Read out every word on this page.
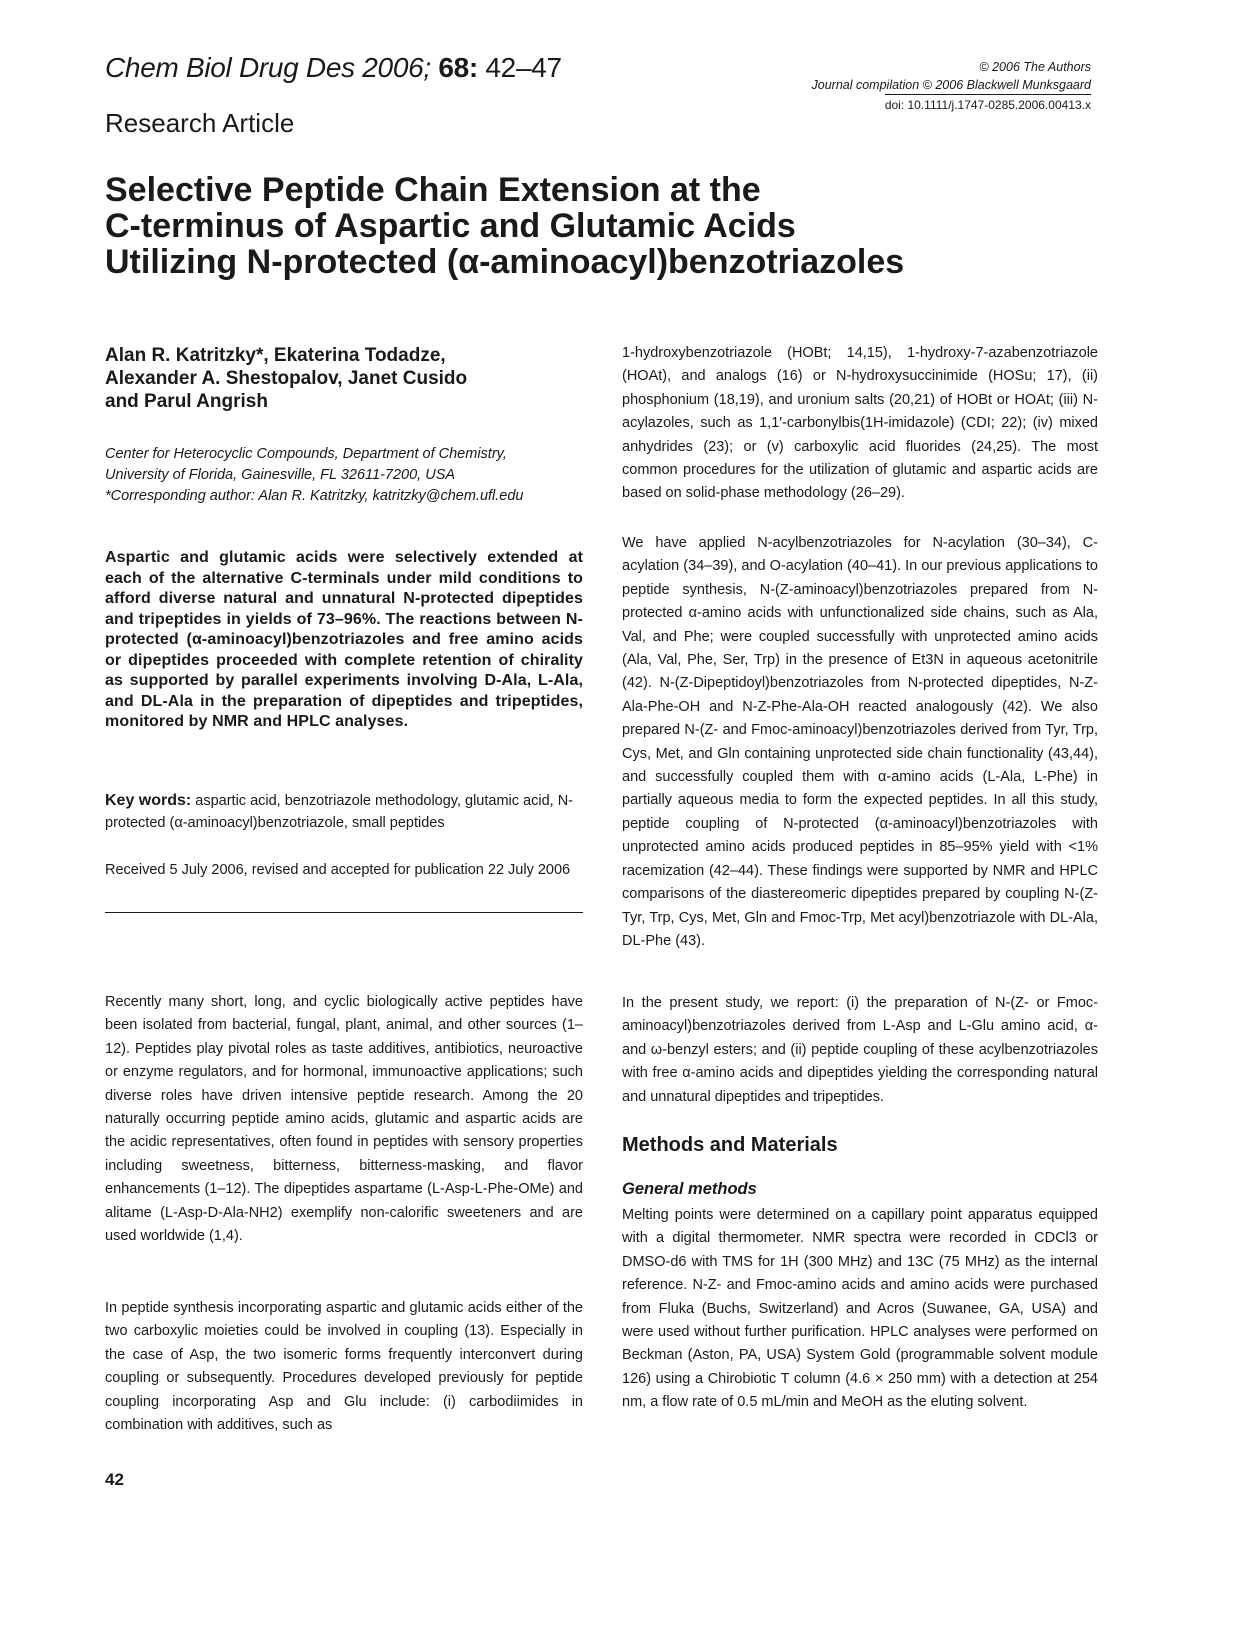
Chem Biol Drug Des 2006; 68: 42–47
Research Article
© 2006 The Authors
Journal compilation © 2006 Blackwell Munksgaard
doi: 10.1111/j.1747-0285.2006.00413.x

Selective Peptide Chain Extension at the

C-terminus of Aspartic and Glutamic Acids

Utilizing N-protected (α-aminoacyl)benzotriazoles

Alan R. Katritzky*, Ekaterina Todadze,
Alexander A. Shestopalov, Janet Cusido
and Parul Angrish
Center for Heterocyclic Compounds, Department of Chemistry,
University of Florida, Gainesville, FL 32611-7200, USA
*Corresponding author: Alan R. Katritzky, katritzky@chem.ufl.edu
Aspartic and glutamic acids were selectively extended at each of the alternative C-terminals under mild conditions to afford diverse natural and unnatural N-protected dipeptides and tripeptides in yields of 73–96%. The reactions between N-protected (α-aminoacyl)benzotriazoles and free amino acids or dipeptides proceeded with complete retention of chirality as supported by parallel experiments involving D-Ala, L-Ala, and DL-Ala in the preparation of dipeptides and tripeptides, monitored by NMR and HPLC analyses.
Key words: aspartic acid, benzotriazole methodology, glutamic acid, N-protected (α-aminoacyl)benzotriazole, small peptides
Received 5 July 2006, revised and accepted for publication 22 July 2006
Recently many short, long, and cyclic biologically active peptides have been isolated from bacterial, fungal, plant, animal, and other sources (1–12). Peptides play pivotal roles as taste additives, antibiotics, neuroactive or enzyme regulators, and for hormonal, immunoactive applications; such diverse roles have driven intensive peptide research. Among the 20 naturally occurring peptide amino acids, glutamic and aspartic acids are the acidic representatives, often found in peptides with sensory properties including sweetness, bitterness, bitterness-masking, and flavor enhancements (1–12). The dipeptides aspartame (L-Asp-L-Phe-OMe) and alitame (L-Asp-D-Ala-NH2) exemplify non-calorific sweeteners and are used worldwide (1,4).
In peptide synthesis incorporating aspartic and glutamic acids either of the two carboxylic moieties could be involved in coupling (13). Especially in the case of Asp, the two isomeric forms frequently interconvert during coupling or subsequently. Procedures developed previously for peptide coupling incorporating Asp and Glu include: (i) carbodiimides in combination with additives, such as
1-hydroxybenzotriazole (HOBt; 14,15), 1-hydroxy-7-azabenzotriazole (HOAt), and analogs (16) or N-hydroxysuccinimide (HOSu; 17), (ii) phosphonium (18,19), and uronium salts (20,21) of HOBt or HOAt; (iii) N-acylazoles, such as 1,1′-carbonylbis(1H-imidazole) (CDI; 22); (iv) mixed anhydrides (23); or (v) carboxylic acid fluorides (24,25). The most common procedures for the utilization of glutamic and aspartic acids are based on solid-phase methodology (26–29).
We have applied N-acylbenzotriazoles for N-acylation (30–34), C-acylation (34–39), and O-acylation (40–41). In our previous applications to peptide synthesis, N-(Z-aminoacyl)benzotriazoles prepared from N-protected α-amino acids with unfunctionalized side chains, such as Ala, Val, and Phe; were coupled successfully with unprotected amino acids (Ala, Val, Phe, Ser, Trp) in the presence of Et3N in aqueous acetonitrile (42). N-(Z-Dipeptidoyl)benzotriazoles from N-protected dipeptides, N-Z-Ala-Phe-OH and N-Z-Phe-Ala-OH reacted analogously (42). We also prepared N-(Z- and Fmoc-aminoacyl)benzotriazoles derived from Tyr, Trp, Cys, Met, and Gln containing unprotected side chain functionality (43,44), and successfully coupled them with α-amino acids (L-Ala, L-Phe) in partially aqueous media to form the expected peptides. In all this study, peptide coupling of N-protected (α-aminoacyl)benzotriazoles with unprotected amino acids produced peptides in 85–95% yield with <1% racemization (42–44). These findings were supported by NMR and HPLC comparisons of the diastereomeric dipeptides prepared by coupling N-(Z-Tyr, Trp, Cys, Met, Gln and Fmoc-Trp, Met acyl)benzotriazole with DL-Ala, DL-Phe (43).
In the present study, we report: (i) the preparation of N-(Z- or Fmoc-aminoacyl)benzotriazoles derived from L-Asp and L-Glu amino acid, α- and ω-benzyl esters; and (ii) peptide coupling of these acylbenzotriazoles with free α-amino acids and dipeptides yielding the corresponding natural and unnatural dipeptides and tripeptides.
Methods and Materials
General methods
Melting points were determined on a capillary point apparatus equipped with a digital thermometer. NMR spectra were recorded in CDCl3 or DMSO-d6 with TMS for 1H (300 MHz) and 13C (75 MHz) as the internal reference. N-Z- and Fmoc-amino acids and amino acids were purchased from Fluka (Buchs, Switzerland) and Acros (Suwanee, GA, USA) and were used without further purification. HPLC analyses were performed on Beckman (Aston, PA, USA) System Gold (programmable solvent module 126) using a Chirobiotic T column (4.6 × 250 mm) with a detection at 254 nm, a flow rate of 0.5 mL/min and MeOH as the eluting solvent.
42
